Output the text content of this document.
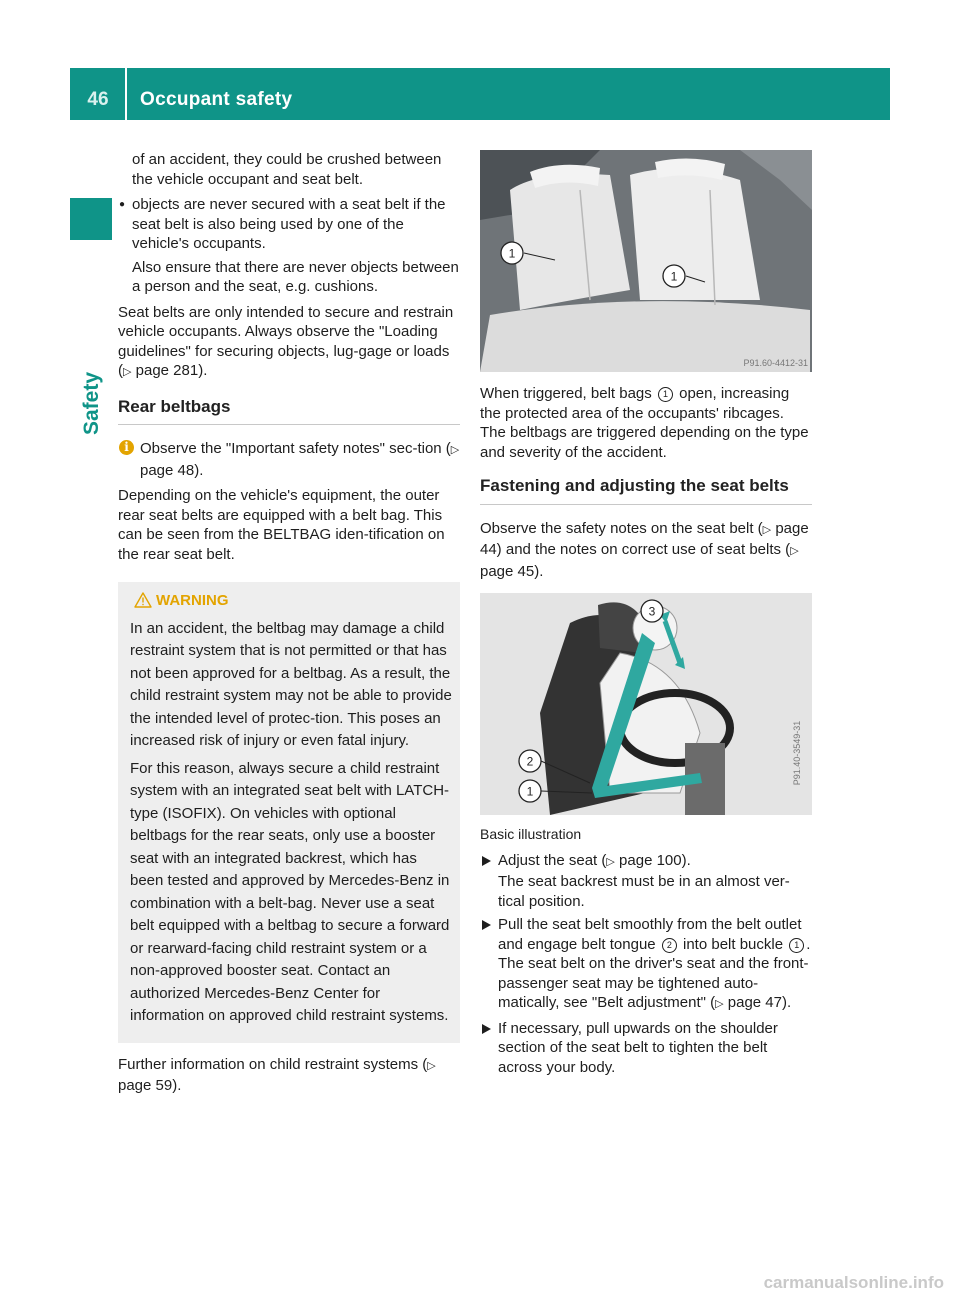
46	Occupant safety
Safety

of an accident, they could be crushed between the vehicle occupant and seat belt.

● objects are never secured with a seat belt if the seat belt is also being used by one of the vehicle's occupants.

Also ensure that there are never objects between a person and the seat, e.g. cushions.

Seat belts are only intended to secure and restrain vehicle occupants. Always observe the "Loading guidelines" for securing objects, lug-gage or loads (▷ page 281).

Rear beltbags
i Observe the "Important safety notes" sec-tion (▷ page 48).

Depending on the vehicle's equipment, the outer rear seat belts are equipped with a belt bag. This can be seen from the BELTBAG iden-tification on the rear seat belt.

WARNING

In an accident, the beltbag may damage a child restraint system that is not permitted or that has not been approved for a beltbag. As a result, the child restraint system may not be able to provide the intended level of protec-tion. This poses an increased risk of injury or even fatal injury.

For this reason, always secure a child restraint system with an integrated seat belt with LATCH-type (ISOFIX). On vehicles with optional beltbags for the rear seats, only use a booster seat with an integrated backrest, which has been tested and approved by Mercedes-Benz in combination with a belt-bag. Never use a seat belt equipped with a beltbag to secure a forward or rearward-facing child restraint system or a non-approved booster seat. Contact an authorized Mercedes-Benz Center for information on approved child restraint systems.

Further information on child restraint systems (▷ page 59).

1
1
P91.60-4412-31

When triggered, belt bags 1 open, increasing the protected area of the occupants' ribcages. The beltbags are triggered depending on the type and severity of the accident.

Fastening and adjusting the seat belts

Observe the safety notes on the seat belt (▷ page 44) and the notes on correct use of seat belts (▷ page 45).

3
2
1
P91.40-3549-31

Basic illustration

Adjust the seat (▷ page 100).
The seat backrest must be in an almost ver-tical position.
Pull the seat belt smoothly from the belt outlet and engage belt tongue 2 into belt buckle 1 .
The seat belt on the driver's seat and the front-passenger seat may be tightened auto-matically, see "Belt adjustment" (▷ page 47).
If necessary, pull upwards on the shoulder section of the seat belt to tighten the belt across your body.
carmanualsonline.info
